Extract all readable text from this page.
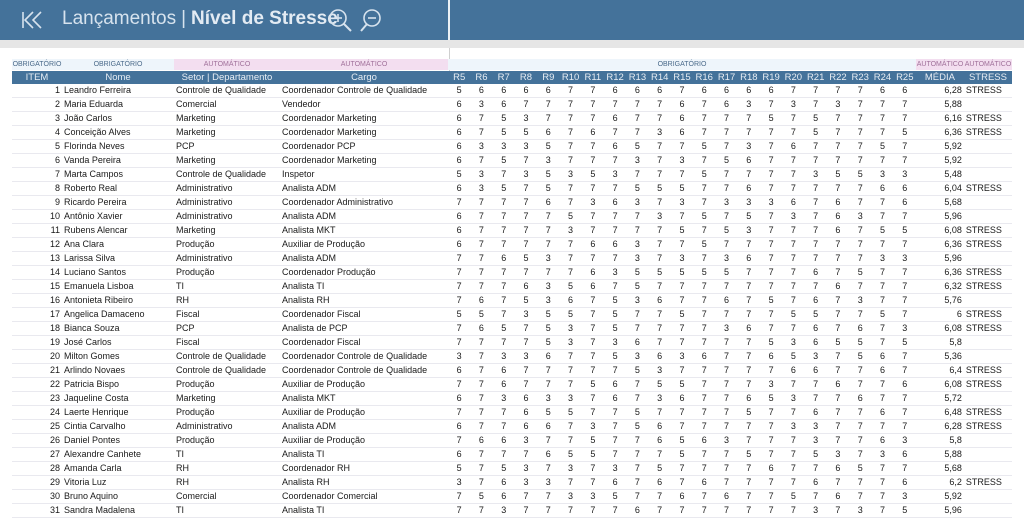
Lançamentos | Nível de Stresse
OBRIGATÓRIO	OBRIGATÓRIO	AUTOMÁTICO	AUTOMÁTICO	OBRIGATÓRIO	AUTOMÁTICO AUTOMÁTICO
ITEM	Nome	Setor | Departamento	Cargo	R5	R6	R7	R8	R9	R10	R11	R12	R13	R14	R15	R16	R17	R18	R19	R20	R21	R22	R23	R24	R25	MÉDIA	STRESS
1	Leandro Ferreira	Controle de Qualidade	Coordenador Controle de Qualidade	5	6	6	6	6	7	7	6	6	6	7	6	6	6	6	7	7	7	7	6	6	6,28	STRESS
2	Maria Eduarda	Comercial	Vendedor	6	3	6	7	7	7	7	7	7	7	6	7	6	3	7	3	7	3	7	7	7	5,88	
3	João Carlos	Marketing	Coordenador Marketing	6	7	5	3	7	7	7	6	7	7	6	7	7	7	5	7	5	7	7	7	7	6,16	STRESS
4	Conceição Alves	Marketing	Coordenador Marketing	6	7	5	5	6	7	6	7	7	3	6	7	7	7	7	7	5	7	7	7	5	6,36	STRESS
5	Florinda Neves	PCP	Coordenador PCP	6	3	3	3	5	7	7	6	5	7	7	5	7	3	7	6	7	7	7	5	7	5,92	
6	Vanda Pereira	Marketing	Coordenador Marketing	6	7	5	7	3	7	7	7	3	7	3	7	5	6	7	7	7	7	7	7	7	5,92	
7	Marta Campos	Controle de Qualidade	Inspetor	5	3	7	3	5	3	5	3	7	7	7	5	7	7	7	7	3	5	5	3	3	5,48	
8	Roberto Real	Administrativo	Analista ADM	6	3	5	7	5	7	7	7	5	5	5	7	7	6	7	7	7	7	7	6	6	6,04	STRESS
9	Ricardo Pereira	Administrativo	Coordenador Administrativo	7	7	7	7	6	7	3	6	3	7	3	7	3	3	3	6	7	6	7	7	6	5,68	
10	Antônio Xavier	Administrativo	Analista ADM	6	7	7	7	7	5	7	7	7	3	7	5	7	5	7	3	7	6	3	7	7	5,96	
11	Rubens Alencar	Marketing	Analista MKT	6	7	7	7	7	3	7	7	7	7	5	7	5	3	7	7	7	6	7	5	5	6,08	STRESS
12	Ana Clara	Produção	Auxiliar de Produção	6	7	7	7	7	7	6	6	3	7	7	5	7	7	7	7	7	7	7	7	7	6,36	STRESS
13	Larissa Silva	Administrativo	Analista ADM	7	7	6	5	3	7	7	7	3	7	3	7	3	6	7	7	7	7	7	3	3	5,96	
14	Luciano Santos	Produção	Coordenador Produção	7	7	7	7	7	7	6	3	5	5	5	5	5	7	7	7	6	7	5	7	7	6,36	STRESS
15	Emanuela Lisboa	TI	Analista TI	7	7	7	6	3	5	6	7	5	7	7	7	7	7	7	7	7	6	7	7	7	6,32	STRESS
16	Antonieta Ribeiro	RH	Analista RH	7	6	7	5	3	6	7	5	3	6	7	7	6	7	5	7	6	7	3	7	7	5,76	
17	Angelica Damaceno	Fiscal	Coordenador Fiscal	5	5	7	3	5	5	7	5	7	7	5	7	7	7	7	5	5	7	7	5	7	6	STRESS
18	Bianca Souza	PCP	Analista de PCP	7	6	5	7	5	3	7	5	7	7	7	7	3	6	7	7	6	7	6	7	3	6,08	STRESS
19	José Carlos	Fiscal	Coordenador Fiscal	7	7	7	7	5	3	7	3	6	7	7	7	7	7	5	3	6	5	5	7	5	5,8	
20	Milton Gomes	Controle de Qualidade	Coordenador Controle de Qualidade	3	7	3	3	6	7	7	5	3	6	3	6	7	7	6	5	3	7	5	6	7	5,36	
21	Arlindo Novaes	Controle de Qualidade	Coordenador Controle de Qualidade	6	7	6	7	7	7	7	7	5	3	7	7	7	7	7	6	6	7	7	6	7	6,4	STRESS
22	Patricia Bispo	Produção	Auxiliar de Produção	7	7	6	7	7	7	5	6	7	5	5	7	7	7	3	7	7	6	7	7	6	6,08	STRESS
23	Jaqueline Costa	Marketing	Analista MKT	6	7	3	6	3	3	7	6	7	3	6	7	7	6	5	3	7	7	6	7	7	5,72	
24	Laerte Henrique	Produção	Auxiliar de Produção	7	7	7	6	5	5	7	7	5	7	7	7	7	5	7	7	6	7	7	6	7	6,48	STRESS
25	Cintia Carvalho	Administrativo	Analista ADM	6	7	7	6	6	7	3	7	5	6	7	7	7	7	7	3	3	7	7	7	7	6,28	STRESS
26	Daniel Pontes	Produção	Auxiliar de Produção	7	6	6	3	7	7	5	7	7	6	5	6	3	7	7	7	3	7	7	6	3	5,8	
27	Alexandre Canhete	TI	Analista TI	6	7	7	7	6	5	5	7	7	7	5	7	7	5	7	7	5	3	7	3	6	5,88	
28	Amanda Carla	RH	Coordenador RH	5	7	5	3	7	3	7	3	7	5	7	7	7	7	6	7	7	6	5	7	7	5,68	
29	Vitoria Luz	RH	Analista RH	3	7	6	3	3	7	7	6	7	6	7	6	7	7	7	7	6	7	7	7	6	6,2	STRESS
30	Bruno Aquino	Comercial	Coordenador Comercial	7	5	6	7	7	3	3	5	7	7	6	7	6	7	7	5	7	6	7	7	3	5,92	
31	Sandra Madalena	TI	Analista TI	7	7	3	7	7	7	7	7	6	7	7	7	7	7	7	7	3	7	3	7	5	5,96	
